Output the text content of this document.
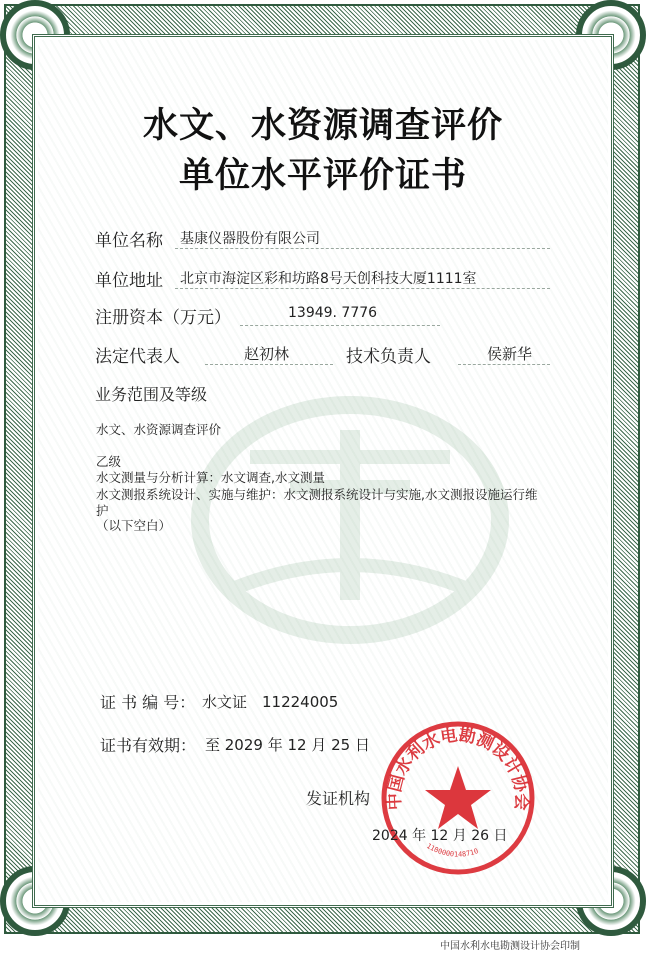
水文、水资源调查评价
单位水平评价证书
单位名称 基康仪器股份有限公司
单位地址 北京市海淀区彩和坊路8号天创科技大厦1111室
注册资本（万元）	13949. 7776
法定代表人	赵初林	技术负责人	侯新华
业务范围及等级
水文、水资源调查评价
乙级
水文测量与分析计算：水文调查,水文测量
水文测报系统设计、实施与维护：水文测报系统设计与实施,水文测报设施运行维
护
（以下空白）
证 书 编 号： 水文证　11224005
证书有效期： 至 2029 年 12 月 25 日
发证机构 中国水利水电勘测设计协会
1100000148710
2024 年 12 月 26 日
中国水利水电勘测设计协会印制
